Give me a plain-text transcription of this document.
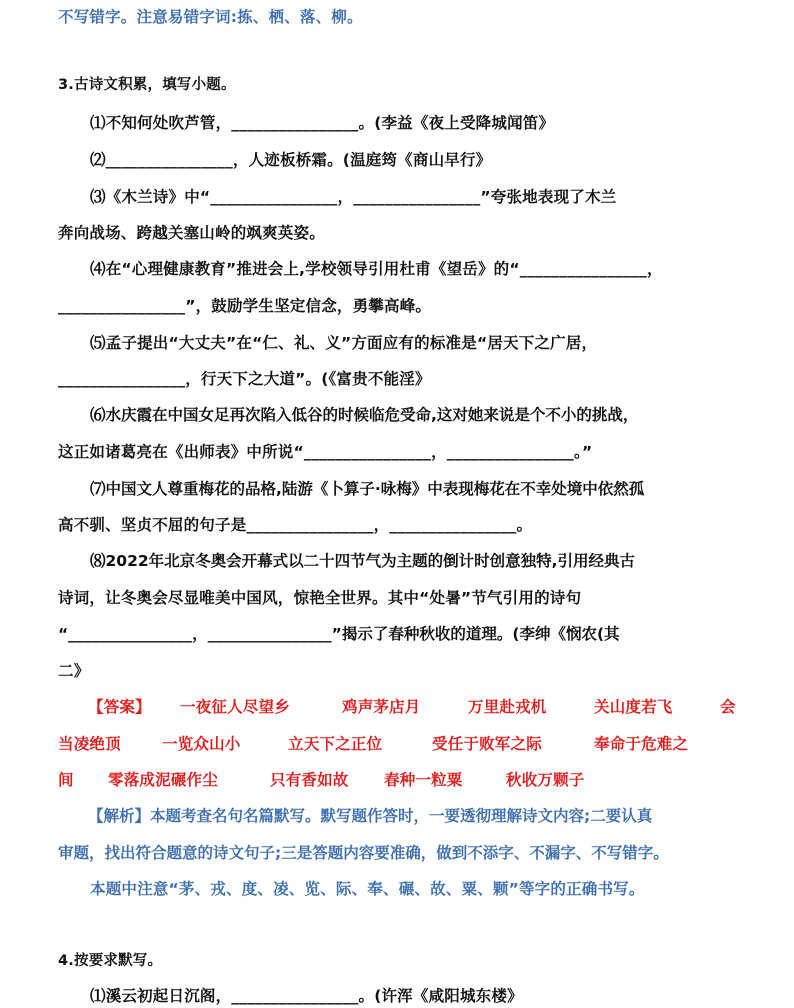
不写错字。注意易错字词:拣、栖、落、柳。
3.古诗文积累，填写小题。
⑴不知何处吹芦管，________________。(李益《夜上受降城闻笛》
⑵________________，人迹板桥霜。(温庭筠《商山早行》
⑶《木兰诗》中“________________，________________”夸张地表现了木兰
奔向战场、跨越关塞山岭的飒爽英姿。
⑷在“心理健康教育”推进会上,学校领导引用杜甫《望岳》的“________________，
________________”，鼓励学生坚定信念，勇攀高峰。
⑸孟子提出“大丈夫”在“仁、礼、义”方面应有的标准是“居天下之广居，
________________，行天下之大道”。(《富贵不能淫》
⑹水庆霞在中国女足再次陷入低谷的时候临危受命,这对她来说是个不小的挑战，
这正如诸葛亮在《出师表》中所说“________________，________________。”
⑺中国文人尊重梅花的品格,陆游《卜算子·咏梅》中表现梅花在不幸处境中依然孤
高不驯、坚贞不屈的句子是________________，________________。
⑻2022年北京冬奥会开幕式以二十四节气为主题的倒计时创意独特,引用经典古
诗词，让冬奥会尽显唯美中国风，惊艳全世界。其中“处暑”节气引用的诗句
“________________，________________”揭示了春种秋收的道理。(李绅《悯农(其
二》
【答案】 一夜征人尽望乡	鸡声茅店月	万里赴戎机	关山度若飞	会
当凌绝顶	一览众山小	立天下之正位	受任于败军之际	奉命于危难之
间 零落成泥碾作尘	只有香如故 春种一粒粟	秋收万颗子
【解析】本题考查名句名篇默写。默写题作答时，一要透彻理解诗文内容;二要认真
审题，找出符合题意的诗文句子;三是答题内容要准确，做到不添字、不漏字、不写错字。
本题中注意“茅、戎、度、凌、览、际、奉、碾、故、粟、颗”等字的正确书写。
4.按要求默写。
⑴溪云初起日沉阁，________________。(许浑《咸阳城东楼》
